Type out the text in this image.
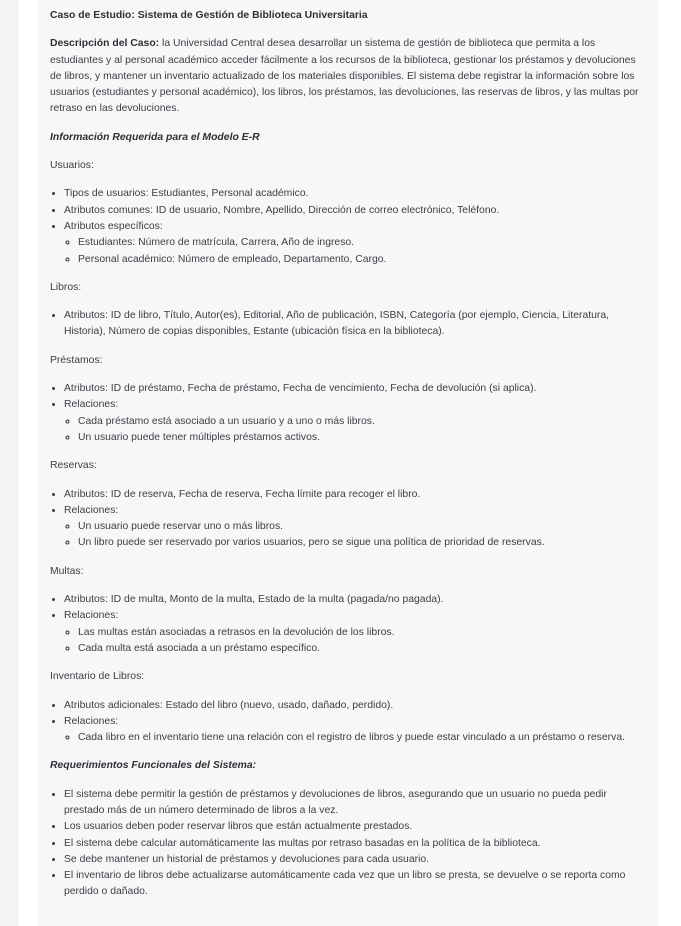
Caso de Estudio: Sistema de Gestión de Biblioteca Universitaria

Descripción del Caso: la Universidad Central desea desarrollar un sistema de gestión de biblioteca que permita a los estudiantes y al personal académico acceder fácilmente a los recursos de la biblioteca, gestionar los préstamos y devoluciones de libros, y mantener un inventario actualizado de los materiales disponibles. El sistema debe registrar la información sobre los usuarios (estudiantes y personal académico), los libros, los préstamos, las devoluciones, las reservas de libros, y las multas por retraso en las devoluciones.

Información Requerida para el Modelo E-R

Usuarios:

• Tipos de usuarios: Estudiantes, Personal académico.
• Atributos comunes: ID de usuario, Nombre, Apellido, Dirección de correo electrónico, Teléfono.
• Atributos específicos:
◦ Estudiantes: Número de matrícula, Carrera, Año de ingreso.
◦ Personal académico: Número de empleado, Departamento, Cargo.

Libros:

• Atributos: ID de libro, Título, Autor(es), Editorial, Año de publicación, ISBN, Categoría (por ejemplo, Ciencia, Literatura, Historia), Número de copias disponibles, Estante (ubicación física en la biblioteca).

Préstamos:

• Atributos: ID de préstamo, Fecha de préstamo, Fecha de vencimiento, Fecha de devolución (si aplica).
• Relaciones:
◦ Cada préstamo está asociado a un usuario y a uno o más libros.
◦ Un usuario puede tener múltiples préstamos activos.

Reservas:

• Atributos: ID de reserva, Fecha de reserva, Fecha límite para recoger el libro.
• Relaciones:
◦ Un usuario puede reservar uno o más libros.
◦ Un libro puede ser reservado por varios usuarios, pero se sigue una política de prioridad de reservas.

Multas:

• Atributos: ID de multa, Monto de la multa, Estado de la multa (pagada/no pagada).
• Relaciones:
◦ Las multas están asociadas a retrasos en la devolución de los libros.
◦ Cada multa está asociada a un préstamo específico.

Inventario de Libros:

• Atributos adicionales: Estado del libro (nuevo, usado, dañado, perdido).
• Relaciones:
◦ Cada libro en el inventario tiene una relación con el registro de libros y puede estar vinculado a un préstamo o reserva.

Requerimientos Funcionales del Sistema:

• El sistema debe permitir la gestión de préstamos y devoluciones de libros, asegurando que un usuario no pueda pedir prestado más de un número determinado de libros a la vez.
• Los usuarios deben poder reservar libros que están actualmente prestados.
• El sistema debe calcular automáticamente las multas por retraso basadas en la política de la biblioteca.
• Se debe mantener un historial de préstamos y devoluciones para cada usuario.
• El inventario de libros debe actualizarse automáticamente cada vez que un libro se presta, se devuelve o se reporta como perdido o dañado.
